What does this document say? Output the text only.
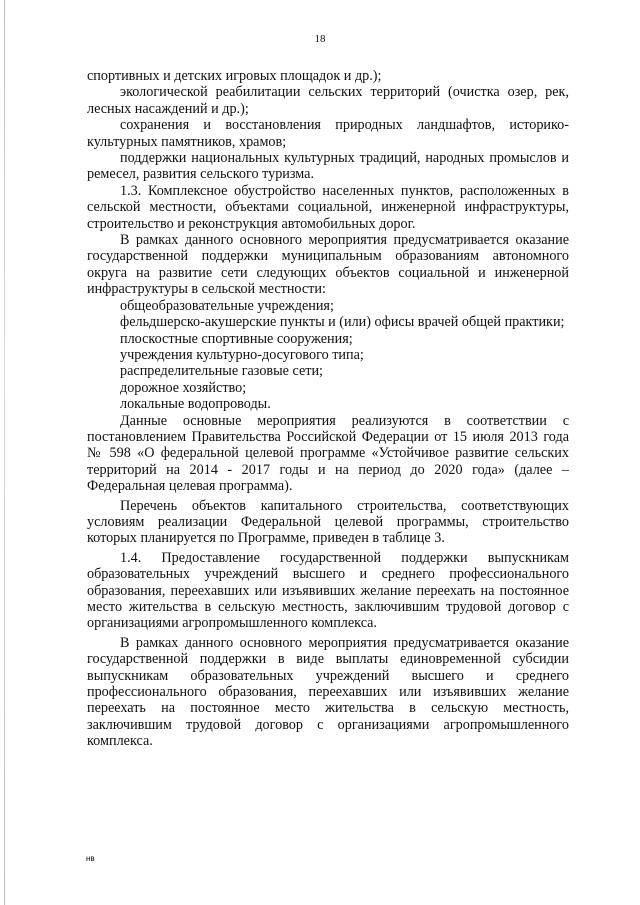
18

спортивных и детских игровых площадок и др.);

экологической реабилитации сельских территорий (очистка озер, рек, лесных насаждений и др.);

сохранения и восстановления природных ландшафтов, историко-культурных памятников, храмов;

поддержки национальных культурных традиций, народных промыслов и ремесел, развития сельского туризма.

1.3. Комплексное обустройство населенных пунктов, расположенных в сельской местности, объектами социальной, инженерной инфраструктуры, строительство и реконструкция автомобильных дорог.

В рамках данного основного мероприятия предусматривается оказание государственной поддержки муниципальным образованиям автономного округа на развитие сети следующих объектов социальной и инженерной инфраструктуры в сельской местности:

общеобразовательные учреждения;

фельдшерско-акушерские пункты и (или) офисы врачей общей практики;

плоскостные спортивные сооружения;

учреждения культурно-досугового типа;

распределительные газовые сети;

дорожное хозяйство;

локальные водопроводы.

Данные основные мероприятия реализуются в соответствии с постановлением Правительства Российской Федерации от 15 июля 2013 года № 598 «О федеральной целевой программе «Устойчивое развитие сельских территорий на 2014 - 2017 годы и на период до 2020 года» (далее – Федеральная целевая программа).

Перечень объектов капитального строительства, соответствующих условиям реализации Федеральной целевой программы, строительство которых планируется по Программе, приведен в таблице 3.

1.4. Предоставление государственной поддержки выпускникам образовательных учреждений высшего и среднего профессионального образования, переехавших или изъявивших желание переехать на постоянное место жительства в сельскую местность, заключившим трудовой договор с организациями агропромышленного комплекса.

В рамках данного основного мероприятия предусматривается оказание государственной поддержки в виде выплаты единовременной субсидии выпускникам образовательных учреждений высшего и среднего профессионального образования, переехавших или изъявивших желание переехать на постоянное место жительства в сельскую местность, заключившим трудовой договор с организациями агропромышленного комплекса.

нв
